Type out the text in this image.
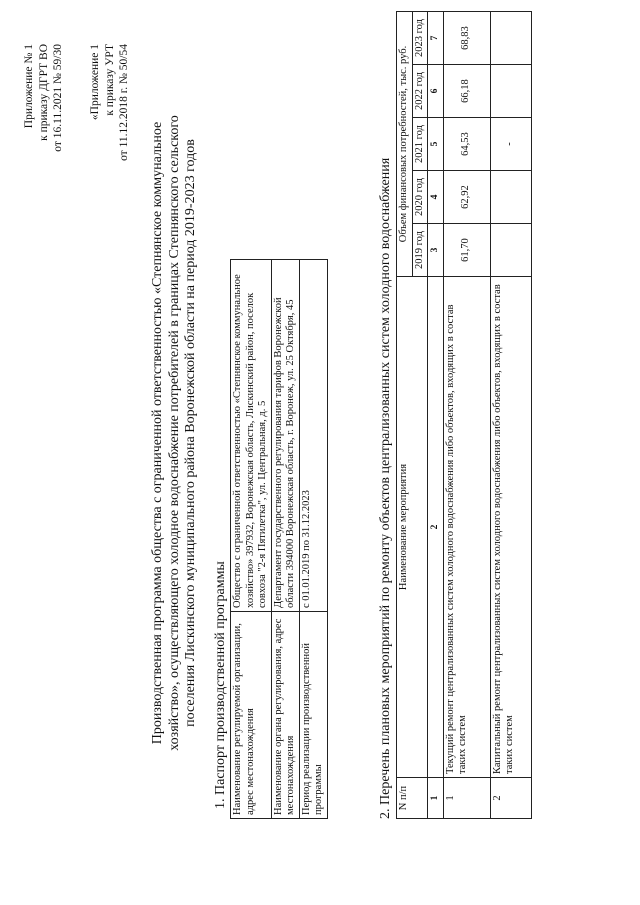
Приложение № 1 к приказу ДГРТ ВО от 16.11.2021 № 59/30 «Приложение 1 к приказу УРТ от 11.12.2018 г. № 50/54
Производственная программа общества с ограниченной ответственностью «Степнянское коммунальное хозяйство», осуществляющего холодное водоснабжение потребителей в границах Степнянского сельского поселения Лискинского муниципального района Воронежской области на период 2019-2023 годов 1. Паспорт производственной программы Наименование регулируемой организации, адрес местонахождения	Общество с ограниченной ответственностью «Степнянское коммунальное хозяйство» 397932, Воронежская область, Лискинский район, поселок совхоза "2-я Пятилетка", ул. Центральная, д. 5
Наименование органа регулирования, адрес местонахождения	Департамент государственного регулирования тарифов Воронежской области 394000 Воронежская область, г. Воронеж, ул. 25 Октября, 45
Период реализации производственной программы	с 01.01.2019 по 31.12.2023	2. Перечень плановых мероприятий по ремонту объектов централизованных систем холодного водоснабжения N п/п	Наименование мероприятия	Объем финансовых потребностей, тыс. руб.				
		2019 год	2020 год	2021 год	2022 год	2023 год
1	2	3	4	5	6	7
1	Текущий ремонт централизованных систем холодного водоснабжения либо объектов, входящих в состав таких систем	61,70	62,92	64,53	66,18	68,83
2	Капитальный ремонт централизованных систем холодного водоснабжения либо объектов, входящих в состав таких систем			-		
